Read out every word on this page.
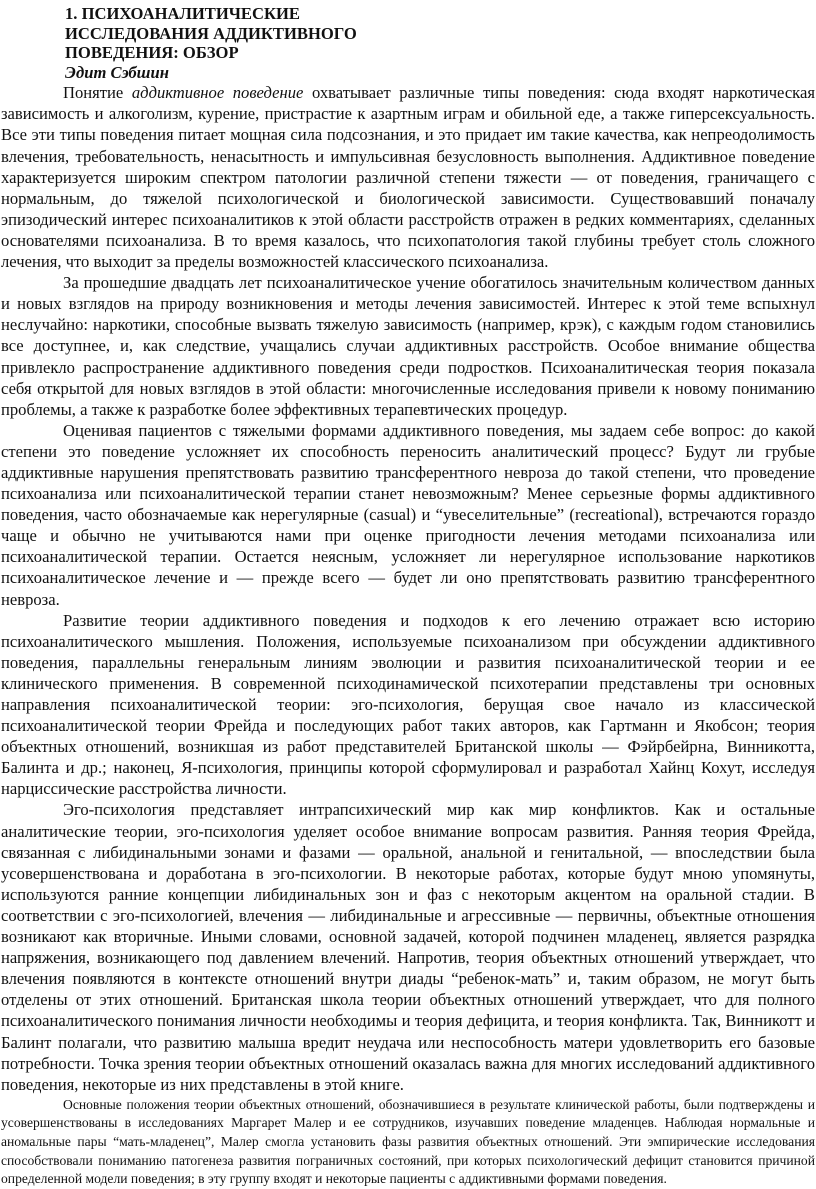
1. ПСИХОАНАЛИТИЧЕСКИЕ
ИССЛЕДОВАНИЯ АДДИКТИВНОГО
ПОВЕДЕНИЯ: ОБЗОР
Эдит Сэбшин

Понятие аддиктивное поведение охватывает различные типы поведения: сюда входят наркотическая зависимость и алкоголизм, курение, пристрастие к азартным играм и обильной еде, а также гиперсексуальность. Все эти типы поведения питает мощная сила подсознания, и это придает им такие качества, как непреодолимость влечения, требовательность, ненасытность и импульсивная безусловность выполнения. Аддиктивное поведение характеризуется широким спектром патологии различной степени тяжести — от поведения, граничащего с нормальным, до тяжелой психологической и биологической зависимости. Существовавший поначалу эпизодический интерес психоаналитиков к этой области расстройств отражен в редких комментариях, сделанных основателями психоанализа. В то время казалось, что психопатология такой глубины требует столь сложного лечения, что выходит за пределы возможностей классического психоанализа.

За прошедшие двадцать лет психоаналитическое учение обогатилось значительным количеством данных и новых взглядов на природу возникновения и методы лечения зависимостей. Интерес к этой теме вспыхнул неслучайно: наркотики, способные вызвать тяжелую зависимость (например, крэк), с каждым годом становились все доступнее, и, как следствие, учащались случаи аддиктивных расстройств. Особое внимание общества привлекло распространение аддиктивного поведения среди подростков. Психоаналитическая теория показала себя открытой для новых взглядов в этой области: многочисленные исследования привели к новому пониманию проблемы, а также к разработке более эффективных терапевтических процедур.

Оценивая пациентов с тяжелыми формами аддиктивного поведения, мы задаем себе вопрос: до какой степени это поведение усложняет их способность переносить аналитический процесс? Будут ли грубые аддиктивные нарушения препятствовать развитию трансферентного невроза до такой степени, что проведение психоанализа или психоаналитической терапии станет невозможным? Менее серьезные формы аддиктивного поведения, часто обозначаемые как нерегулярные (casual) и “увеселительные” (recreational), встречаются гораздо чаще и обычно не учитываются нами при оценке пригодности лечения методами психоанализа или психоаналитической терапии. Остается неясным, усложняет ли нерегулярное использование наркотиков психоаналитическое лечение и — прежде всего — будет ли оно препятствовать развитию трансферентного невроза.

Развитие теории аддиктивного поведения и подходов к его лечению отражает всю историю психоаналитического мышления. Положения, используемые психоанализом при обсуждении аддиктивного поведения, параллельны генеральным линиям эволюции и развития психоаналитической теории и ее клинического применения. В современной психодинамической психотерапии представлены три основных направления психоаналитической теории: эго-психология, берущая свое начало из классической психоаналитической теории Фрейда и последующих работ таких авторов, как Гартманн и Якобсон; теория объектных отношений, возникшая из работ представителей Британской школы — Фэйрбейрна, Винникотта, Балинта и др.; наконец, Я-психология, принципы которой сформулировал и разработал Хайнц Кохут, исследуя нарциссические расстройства личности.

Эго-психология представляет интрапсихический мир как мир конфликтов. Как и остальные аналитические теории, эго-психология уделяет особое внимание вопросам развития. Ранняя теория Фрейда, связанная с либидинальными зонами и фазами — оральной, анальной и генитальной, — впоследствии была усовершенствована и доработана в эго-психологии. В некоторые работах, которые будут мною упомянуты, используются ранние концепции либидинальных зон и фаз с некоторым акцентом на оральной стадии. В соответствии с эго-психологией, влечения — либидинальные и агрессивные — первичны, объектные отношения возникают как вторичные. Иными словами, основной задачей, которой подчинен младенец, является разрядка напряжения, возникающего под давлением влечений. Напротив, теория объектных отношений утверждает, что влечения появляются в контексте отношений внутри диады “ребенок-мать” и, таким образом, не могут быть отделены от этих отношений. Британская школа теории объектных отношений утверждает, что для полного психоаналитического понимания личности необходимы и теория дефицита, и теория конфликта. Так, Винникотт и Балинт полагали, что развитию малыша вредит неудача или неспособность матери удовлетворить его базовые потребности. Точка зрения теории объектных отношений оказалась важна для многих исследований аддиктивного поведения, некоторые из них представлены в этой книге.

Основные положения теории объектных отношений, обозначившиеся в результате клинической работы, были подтверждены и усовершенствованы в исследованиях Маргарет Малер и ее сотрудников, изучавших поведение младенцев. Наблюдая нормальные и аномальные пары “мать-младенец”, Малер смогла установить фазы развития объектных отношений. Эти эмпирические исследования способствовали пониманию патогенеза развития пограничных состояний, при которых психологический дефицит становится причиной определенной модели поведения; в эту группу входят и некоторые пациенты с аддиктивными формами поведения.
